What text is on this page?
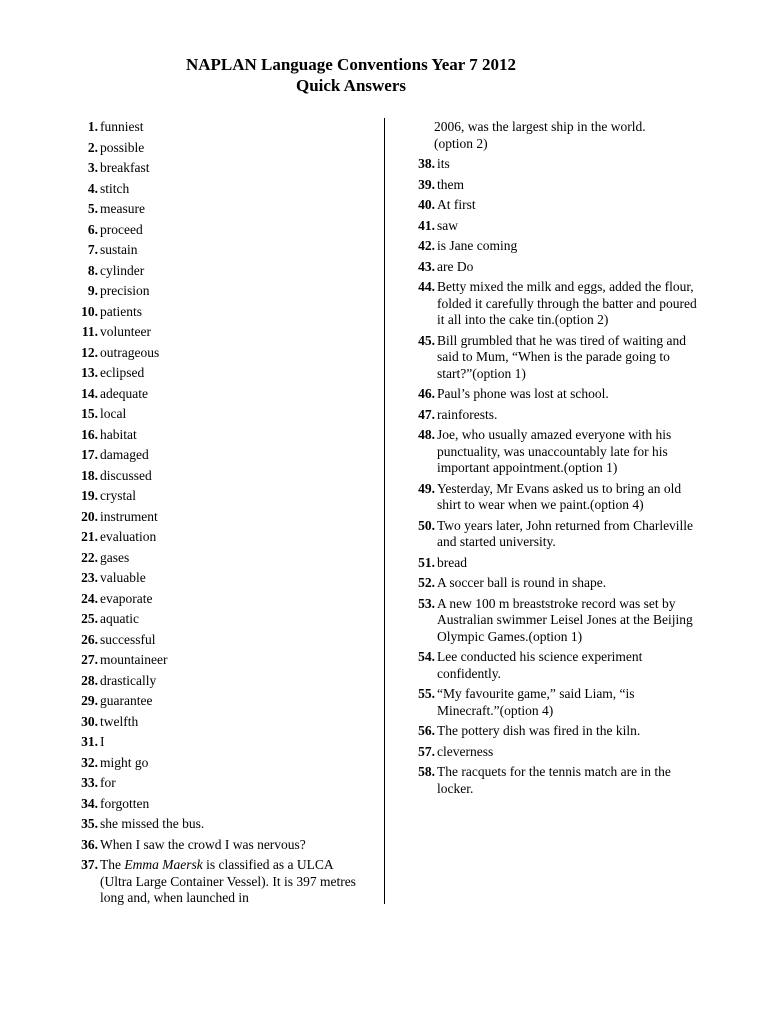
NAPLAN Language Conventions Year 7 2012
Quick Answers
1. funniest
2. possible
3. breakfast
4. stitch
5. measure
6. proceed
7. sustain
8. cylinder
9. precision
10. patients
11. volunteer
12. outrageous
13. eclipsed
14. adequate
15. local
16. habitat
17. damaged
18. discussed
19. crystal
20. instrument
21. evaluation
22. gases
23. valuable
24. evaporate
25. aquatic
26. successful
27. mountaineer
28. drastically
29. guarantee
30. twelfth
31. I
32. might go
33. for
34. forgotten
35. she missed the bus.
36. When I saw the crowd I was nervous?
37. The Emma Maersk is classified as a ULCA (Ultra Large Container Vessel). It is 397 metres long and, when launched in
2006, was the largest ship in the world.
(option 2)
38. its
39. them
40. At first
41. saw
42. is Jane coming
43. are Do
44. Betty mixed the milk and eggs, added the flour, folded it carefully through the batter and poured it all into the cake tin.(option 2)
45. Bill grumbled that he was tired of waiting and said to Mum, “When is the parade going to start?”(option 1)
46. Paul’s phone was lost at school.
47. rainforests.
48. Joe, who usually amazed everyone with his punctuality, was unaccountably late for his important appointment.(option 1)
49. Yesterday, Mr Evans asked us to bring an old shirt to wear when we paint.(option 4)
50. Two years later, John returned from Charleville and started university.
51. bread
52. A soccer ball is round in shape.
53. A new 100 m breaststroke record was set by Australian swimmer Leisel Jones at the Beijing Olympic Games.(option 1)
54. Lee conducted his science experiment confidently.
55. “My favourite game,” said Liam, “is Minecraft.”(option 4)
56. The pottery dish was fired in the kiln.
57. cleverness
58. The racquets for the tennis match are in the locker.
